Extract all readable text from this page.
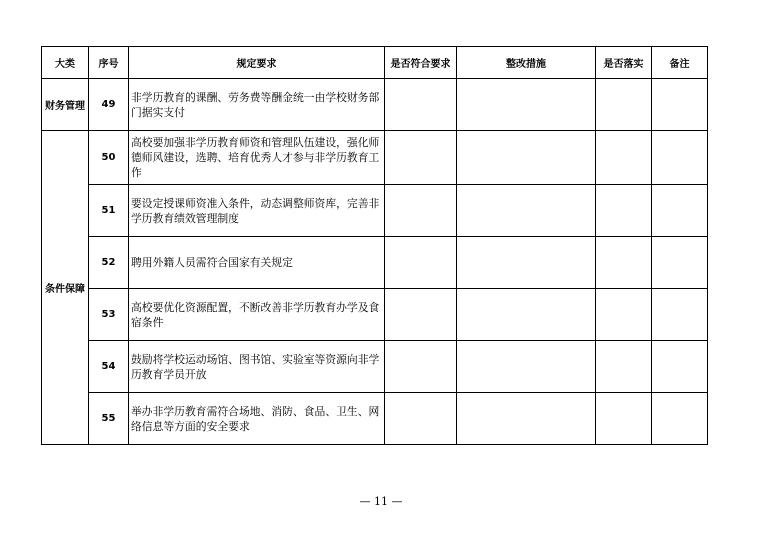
大类	序号	规定要求	是否符合要求	整改措施	是否落实	备注
财务管理	49	非学历教育的课酬、劳务费等酬金统一由学校财务部门据实支付				
条件保障	50	高校要加强非学历教育师资和管理队伍建设，强化师德师风建设，选聘、培育优秀人才参与非学历教育工作				
	51	要设定授课师资准入条件，动态调整师资库，完善非学历教育绩效管理制度				
	52	聘用外籍人员需符合国家有关规定				
	53	高校要优化资源配置，不断改善非学历教育办学及食宿条件				
	54	鼓励将学校运动场馆、图书馆、实验室等资源向非学历教育学员开放				
	55	举办非学历教育需符合场地、消防、食品、卫生、网络信息等方面的安全要求				
— 11 —
